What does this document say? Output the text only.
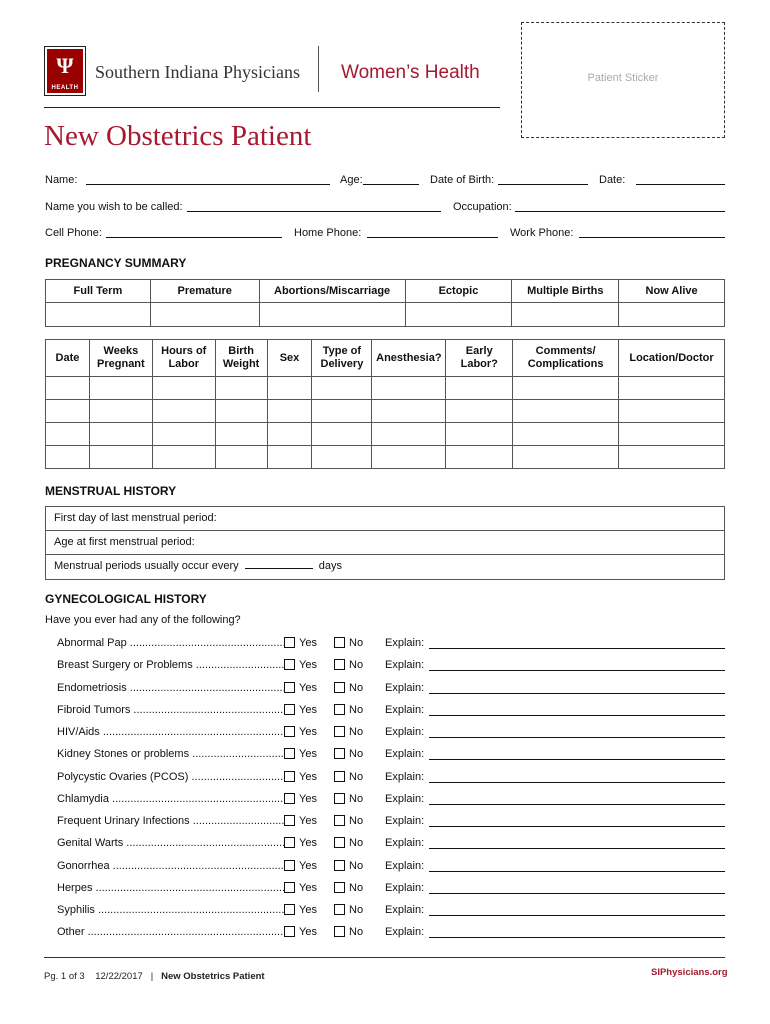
Ψ
HEALTH
Southern Indiana Physicians Women’s Health	Patient Sticker
New Obstetrics Patient
Name:	Age:	Date of Birth:	Date:
Name you wish to be called:	Occupation:
Cell Phone:	Home Phone:	Work Phone:
PREGNANCY SUMMARY
Full Term	Premature	Abortions/Miscarriage	Ectopic	Multiple Births	Now Alive

Date	Weeks Pregnant	Hours of Labor	Birth Weight	Sex	Type of Delivery	Anesthesia?	Early Labor?	Comments/ Complications	Location/Doctor

MENSTRUAL HISTORY
First day of last menstrual period:
Age at first menstrual period:
Menstrual periods usually occur every	days
GYNECOLOGICAL HISTORY
Have you ever had any of the following?
Abnormal Pap .....	Yes	No Explain:
Breast Surgery or Problems .....	Yes	No Explain:
Endometriosis .....	Yes	No Explain:
Fibroid Tumors .....	Yes	No Explain:
HIV/Aids .....	Yes	No Explain:
Kidney Stones or problems .....	Yes	No Explain:
Polycystic Ovaries (PCOS) .....	Yes	No Explain:
Chlamydia .....	Yes	No Explain:
Frequent Urinary Infections .....	Yes	No Explain:
Genital Warts .....	Yes	No Explain:
Gonorrhea .....	Yes	No Explain:
Herpes .....	Yes	No Explain:
Syphilis .....	Yes	No Explain:
Other .....	Yes	No Explain:
Pg. 1 of 3 12/22/2017 | New Obstetrics Patient	SIPhysicians.org
